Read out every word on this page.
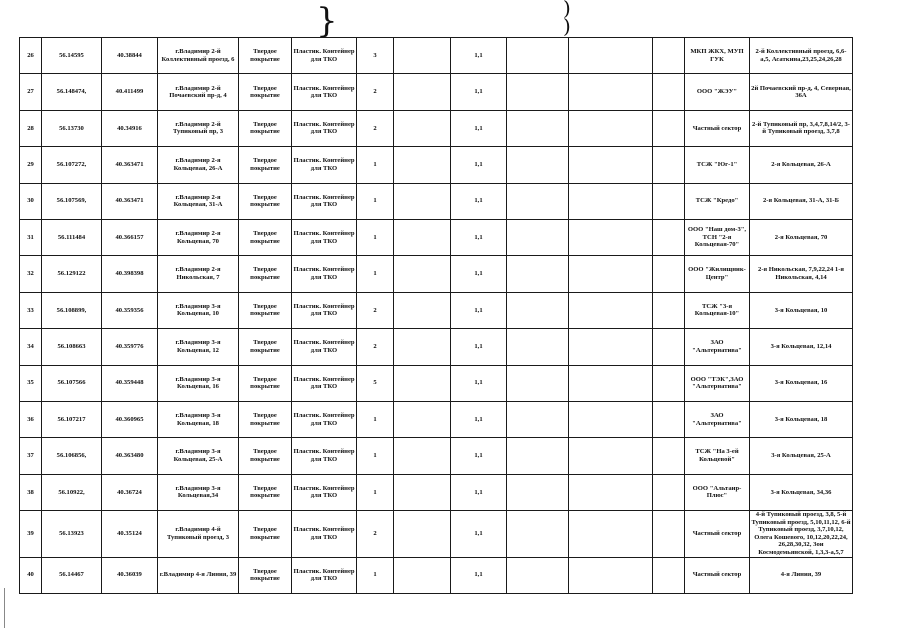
}	)
)
26	56.14595	40.38844	г.Владимир 2-й Коллективный проезд, 6	Твердое покрытие	Пластик. Контейнер для ТКО	3		1,1				МКП ЖКХ, МУП ГУК	2-й Коллективный проезд, 6,6-а,5, Асаткина,23,25,24,26,28
27	56.148474,	40.411499	г.Владимир 2-й Почаевский пр-д, 4	Твердое покрытие	Пластик. Контейнер для ТКО	2		1,1				ООО "ЖЭУ"	2й Почаевский пр-д, 4, Северная, 36А
28	56.13730	40.34916	г.Владимир 2-й Тупиковый пр, 3	Твердое покрытие	Пластик. Контейнер для ТКО	2		1,1				Частный сектор	2-й Тупиковый пр, 3,4,7,8,14/2, 3-й Тупиковый проезд, 3,7,8
29	56.107272,	40.363471	г.Владимир 2-я Кольцевая, 26-А	Твердое покрытие	Пластик. Контейнер для ТКО	1		1,1				ТСЖ "Юг-1"	2-я Кольцевая, 26-А
30	56.107569,	40.363471	г.Владимир 2-я Кольцевая, 31-А	Твердое покрытие	Пластик. Контейнер для ТКО	1		1,1				ТСЖ "Кредо"	2-я Кольцевая, 31-А, 31-Б
31	56.111484	40.366157	г.Владимир 2-я Кольцевая, 70	Твердое покрытие	Пластик. Контейнер для ТКО	1		1,1				ООО "Наш дом-3", ТСН "2-я Кольцевая-70"	2-я Кольцевая, 70
32	56.129122	40.398398	г.Владимир 2-я Никольская, 7	Твердое покрытие	Пластик. Контейнер для ТКО	1		1,1				ООО "Жилищник-Центр"	2-я Никольская, 7,9,22,24 1-я Никольская, 4,14
33	56.108899,	40.359356	г.Владимир 3-я Кольцевая, 10	Твердое покрытие	Пластик. Контейнер для ТКО	2		1,1				ТСЖ "3-я Кольцевая-10"	3-я Кольцевая, 10
34	56.108663	40.359776	г.Владимир 3-я Кольцевая, 12	Твердое покрытие	Пластик. Контейнер для ТКО	2		1,1				ЗАО "Альтернатива"	3-я Кольцевая, 12,14
35	56.107566	40.359448	г.Владимир 3-я Кольцевая, 16	Твердое покрытие	Пластик. Контейнер для ТКО	5		1,1				ООО "ТЭК",ЗАО "Альтернатива"	3-я Кольцевая, 16
36	56.107217	40.360965	г.Владимир 3-я Кольцевая, 18	Твердое покрытие	Пластик. Контейнер для ТКО	1		1,1				ЗАО "Альтернатива"	3-я Кольцевая, 18
37	56.106856,	40.363480	г.Владимир 3-я Кольцевая, 25-А	Твердое покрытие	Пластик. Контейнер для ТКО	1		1,1				ТСЖ "На 3-ей Кольцевой"	3-я Кольцевая, 25-А
38	56.10922,	40.36724	г.Владимир 3-я Кольцевая,34	Твердое покрытие	Пластик. Контейнер для ТКО	1		1,1				ООО "Альтаир-Плюс"	3-я Кольцевая, 34,36
39	56.13923	40.35124	г.Владимир 4-й Тупиковый проезд, 3	Твердое покрытие	Пластик. Контейнер для ТКО	2		1,1				Частный сектор	4-й Тупиковый проезд, 3,8, 5-й Тупиковый проезд, 5,10,11,12, 6-й Тупиковый проезд, 3,7,10,12, Олега Кошевого, 10,12,20,22,24, 26,28,30,32, Зои Космодемьянской, 1,3,3-а,5,7
40	56.14467	40.36039	г.Владимир 4-я Линия, 39	Твердое покрытие	Пластик. Контейнер для ТКО	1		1,1				Частный сектор	4-я Линия, 39
